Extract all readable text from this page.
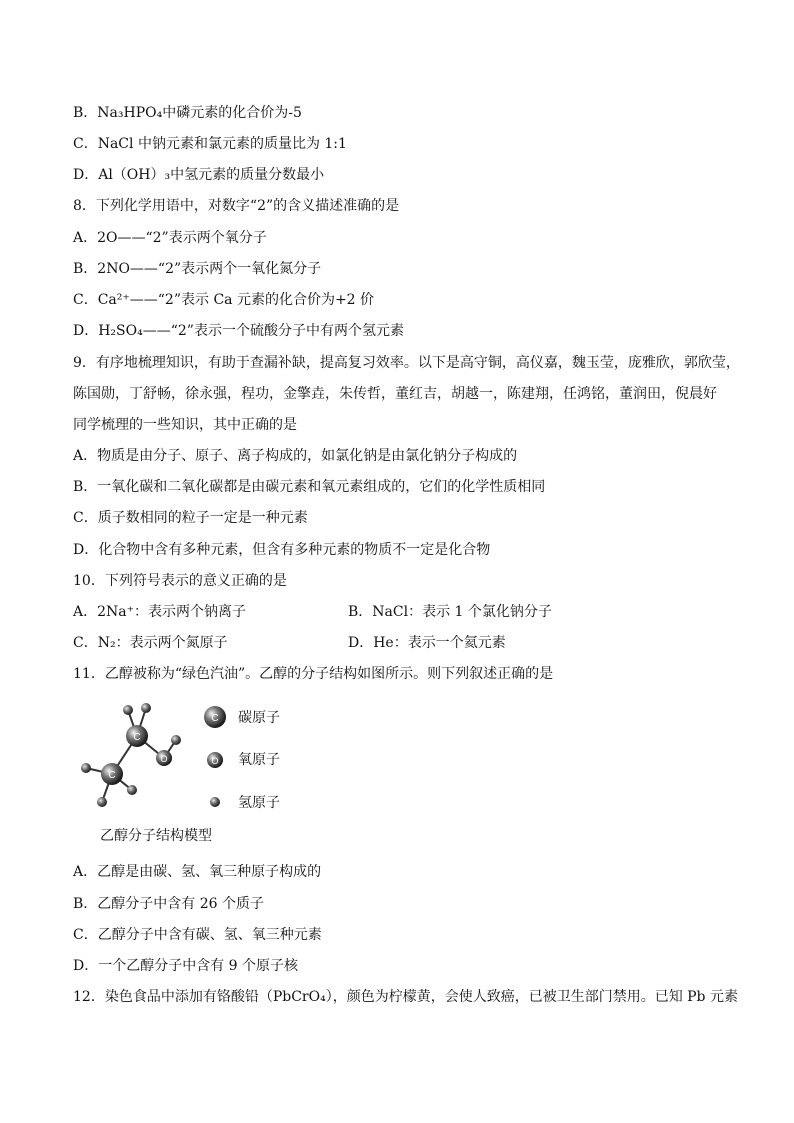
B．Na₃HPO₄中磷元素的化合价为-5
C．NaCl 中钠元素和氯元素的质量比为 1:1
D．Al（OH）₃中氢元素的质量分数最小
8．下列化学用语中，对数字“2”的含义描述准确的是
A．2O——“2”表示两个氧分子
B．2NO——“2”表示两个一氧化氮分子
C．Ca²⁺——“2”表示 Ca 元素的化合价为+2 价
D．H₂SO₄——“2”表示一个硫酸分子中有两个氢元素
9．有序地梳理知识，有助于查漏补缺，提高复习效率。以下是高守铜，高仪嘉，魏玉莹，庞雅欣，郭欣莹，
陈国勋，丁舒畅，徐永强，程功，金擎垚，朱传哲，董红吉，胡越一，陈建翔，任鸿铭，董润田，倪晨好
同学梳理的一些知识，其中正确的是
A．物质是由分子、原子、离子构成的，如氯化钠是由氯化钠分子构成的
B．一氧化碳和二氧化碳都是由碳元素和氧元素组成的，它们的化学性质相同
C．质子数相同的粒子一定是一种元素
D．化合物中含有多种元素，但含有多种元素的物质不一定是化合物
10．下列符号表示的意义正确的是
A．2Na⁺：表示两个钠离子	B．NaCl：表示 1 个氯化钠分子
C．N₂：表示两个氮原子	D．He：表示一个氦元素
11．乙醇被称为“绿色汽油”。乙醇的分子结构如图所示。则下列叙述正确的是
C
C
O
C
O
碳原子
氧原子
氢原子
乙醇分子结构模型
A．乙醇是由碳、氢、氧三种原子构成的
B．乙醇分子中含有 26 个质子
C．乙醇分子中含有碳、氢、氧三种元素
D．一个乙醇分子中含有 9 个原子核
12．染色食品中添加有铬酸铅（PbCrO₄），颜色为柠檬黄，会使人致癌，已被卫生部门禁用。已知 Pb 元素
